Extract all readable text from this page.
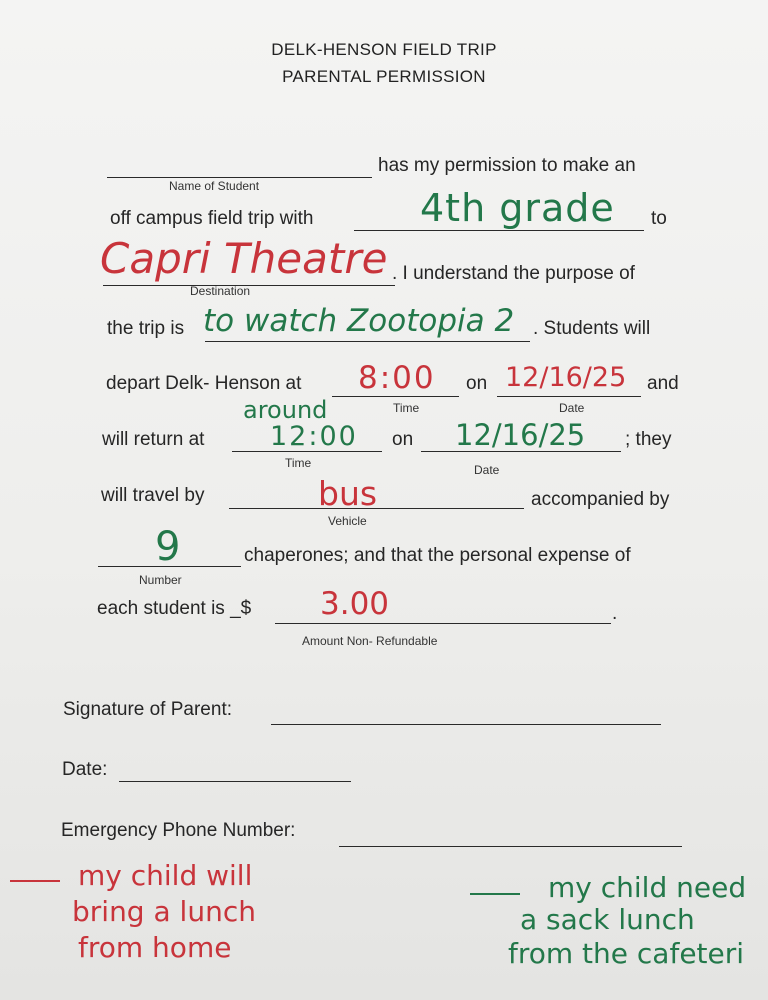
DELK-HENSON FIELD TRIP
PARENTAL PERMISSION
has my permission to make an
Name of Student
off campus field trip with	4th grade to
Capri Theatre . I understand the purpose of
Destination
the trip is to watch Zootopia 2 . Students will
depart Delk- Henson at 8:00 on 12/16/25 and
Time	Date
around
will return at 12:00 on 12/16/25 ; they
Time	Date
will travel by	bus	accompanied by
Vehicle
9	chaperones; and that the personal expense of
Number
each student is _$ 3.00	.
Amount Non- Refundable
Signature of Parent:
Date:
Emergency Phone Number:
my child will
bring a lunch
from home
my child need
a sack lunch
from the cafeteri
